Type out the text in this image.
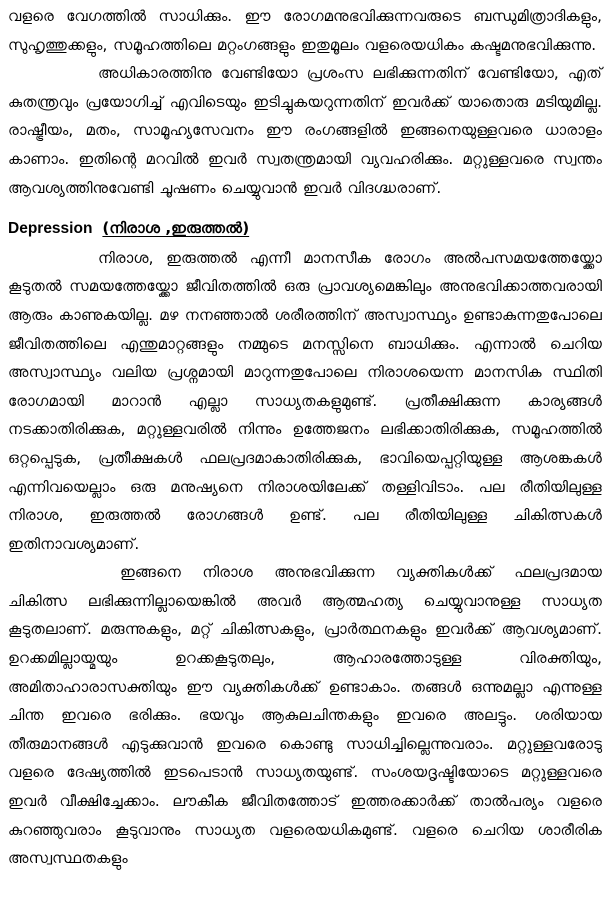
വളരെ വേഗത്തിൽ സാധിക്കും. ഈ രോഗമനുഭവിക്കുന്നവരുടെ ബന്ധുമിത്രാദികളും, സുഹൃത്തുക്കളും, സമൂഹത്തിലെ മറ്റംഗങ്ങളും ഇതുമൂലം വളരെയധികം കഷ്ടമനുഭവിക്കുന്നു.

അധികാരത്തിനു വേണ്ടിയോ പ്രശംസ ലഭിക്കുന്നതിന് വേണ്ടിയോ, എത് കുതന്ത്രവും പ്രയോഗിച്ച് എവിടെയും ഇടിച്ചുകയറുന്നതിന് ഇവർക്ക് യാതൊരു മടിയുമില്ല. രാഷ്ട്രീയം, മതം, സാമൂഹ്യസേവനം ഈ രംഗങ്ങളിൽ ഇങ്ങനെയുള്ളവരെ ധാരാളം കാണാം. ഇതിന്റെ മറവിൽ ഇവർ സ്വതന്ത്രമായി വ്യവഹരിക്കും. മറ്റുള്ളവരെ സ്വന്തം ആവശ്യത്തിനുവേണ്ടി ചൂഷണം ചെയ്യുവാൻ ഇവർ വിദഗ്ദ്ധരാണ്.

Depression (നിരാശ ,ഇരുത്തൽ)

നിരാശ, ഇരുത്തൽ എന്നീ മാനസീക രോഗം അൽപസമയത്തേയ്ക്കോ കൂടുതൽ സമയത്തേയ്ക്കോ ജീവിതത്തിൽ ഒരു പ്രാവശ്യമെങ്കിലും അനുഭവിക്കാത്തവരായി ആരും കാണുകയില്ല. മഴ നനഞ്ഞാൽ ശരീരത്തിന് അസ്വാസ്ഥ്യം ഉണ്ടാകുന്നതുപോലെ ജീവിതത്തിലെ എന്തുമാറ്റങ്ങളും നമ്മുടെ മനസ്സിനെ ബാധിക്കും. എന്നാൽ ചെറിയ അസ്വാസ്ഥ്യം വലിയ പ്രശ്നമായി മാറുന്നതുപോലെ നിരാശയെന്ന മാനസിക സ്ഥിതി രോഗമായി മാറാൻ എല്ലാ സാധ്യതകളുമുണ്ട്. പ്രതീക്ഷിക്കുന്ന കാര്യങ്ങൾ നടക്കാതിരിക്കുക, മറ്റുള്ളവരിൽ നിന്നും ഉത്തേജനം ലഭിക്കാതിരിക്കുക, സമൂഹത്തിൽ ഒറ്റപ്പെടുക, പ്രതീക്ഷകൾ ഫലപ്രദമാകാതിരിക്കുക, ഭാവിയെപ്പറ്റിയുള്ള ആശങ്കകൾ എന്നിവയെല്ലാം ഒരു മനുഷ്യനെ നിരാശയിലേക്ക് തള്ളിവിടാം. പല രീതിയിലുള്ള നിരാശ, ഇരുത്തൽ രോഗങ്ങൾ ഉണ്ട്. പല രീതിയിലുള്ള ചികിത്സകൾ ഇതിനാവശ്യമാണ്.

ഇങ്ങനെ നിരാശ അനുഭവിക്കുന്ന വ്യക്തികൾക്ക് ഫലപ്രദമായ ചികിത്സ ലഭിക്കുന്നില്ലായെങ്കിൽ അവർ ആത്മഹത്യ ചെയ്യുവാനുള്ള സാധ്യത കൂടുതലാണ്. മരുന്നുകളും, മറ്റ് ചികിത്സകളും, പ്രാർത്ഥനകളും ഇവർക്ക് ആവശ്യമാണ്. ഉറക്കമില്ലായ്മയും ഉറക്കകൂടുതലും, ആഹാരത്തോടുള്ള വിരക്തിയും, അമിതാഹാരാസക്തിയും ഈ വ്യക്തികൾക്ക് ഉണ്ടാകാം. തങ്ങൾ ഒന്നുമല്ലാ എന്നുള്ള ചിന്ത ഇവരെ ഭരിക്കും. ഭയവും ആകുലചിന്തകളും ഇവരെ അലട്ടും. ശരിയായ തീരുമാനങ്ങൾ എടുക്കുവാൻ ഇവരെ കൊണ്ടു സാധിച്ചില്ലെന്നുവരാം. മറ്റുള്ളവരോടു വളരെ ദേഷ്യത്തിൽ ഇടപെടാൻ സാധ്യതയുണ്ട്. സംശയദൃഷ്ടിയോടെ മറ്റുള്ളവരെ ഇവർ വീക്ഷിച്ചേക്കാം. ലൗകീക ജീവിതത്തോട് ഇത്തരക്കാർക്ക് താൽപര്യം വളരെ കുറഞ്ഞുവരാം കൂടുവാനും സാധ്യത വളരെയധികമുണ്ട്. വളരെ ചെറിയ ശാരീരിക അസ്വസ്ഥതകളും
